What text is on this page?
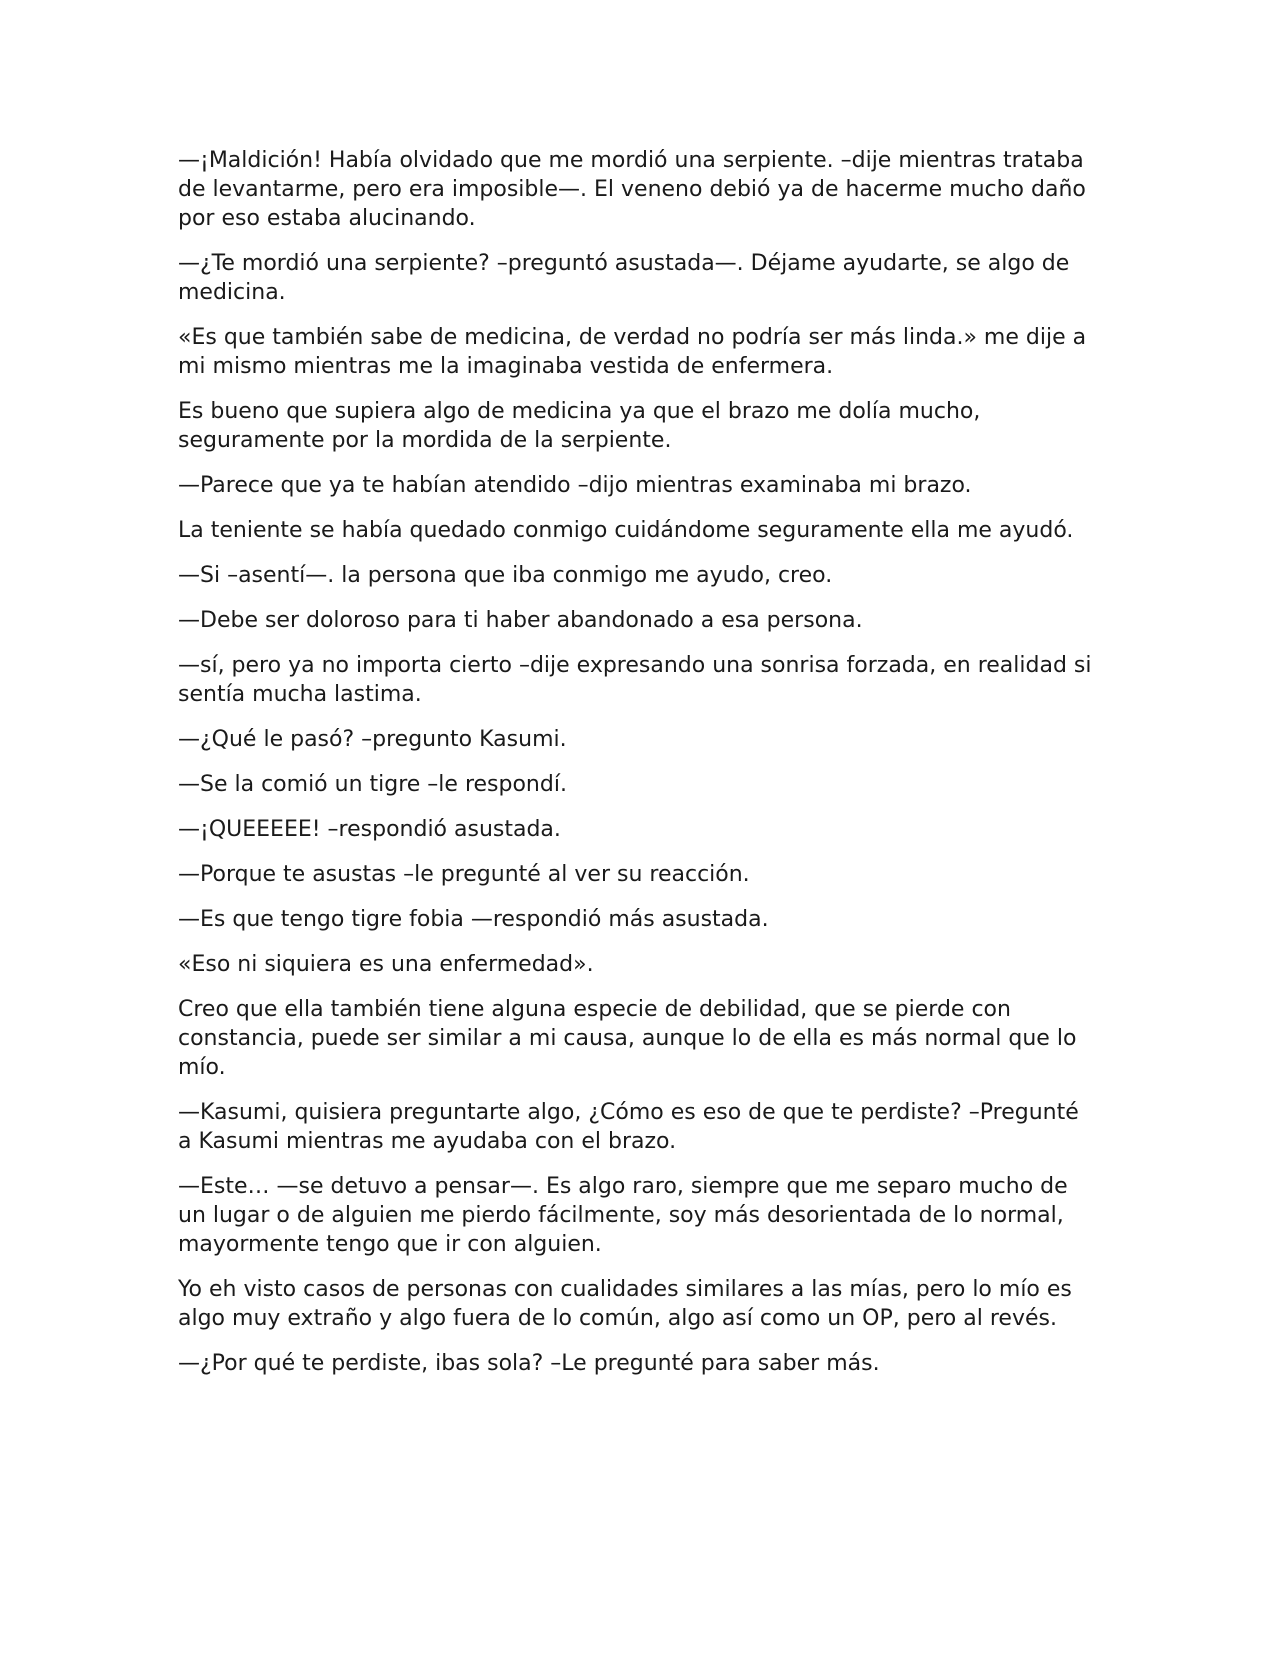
—¡Maldición! Había olvidado que me mordió una serpiente. –dije mientras trataba de levantarme, pero era imposible—. El veneno debió ya de hacerme mucho daño por eso estaba alucinando.

—¿Te mordió una serpiente? –preguntó asustada—. Déjame ayudarte, se algo de medicina.

«Es que también sabe de medicina, de verdad no podría ser más linda.» me dije a mi mismo mientras me la imaginaba vestida de enfermera.

Es bueno que supiera algo de medicina ya que el brazo me dolía mucho, seguramente por la mordida de la serpiente.

—Parece que ya te habían atendido –dijo mientras examinaba mi brazo.

La teniente se había quedado conmigo cuidándome seguramente ella me ayudó.

—Si –asentí—. la persona que iba conmigo me ayudo, creo.

—Debe ser doloroso para ti haber abandonado a esa persona.

—sí, pero ya no importa cierto –dije expresando una sonrisa forzada, en realidad si sentía mucha lastima.

—¿Qué le pasó? –pregunto Kasumi.

—Se la comió un tigre –le respondí.

—¡QUEEEEE! –respondió asustada.

—Porque te asustas –le pregunté al ver su reacción.

—Es que tengo tigre fobia —respondió más asustada.

«Eso ni siquiera es una enfermedad».

Creo que ella también tiene alguna especie de debilidad, que se pierde con constancia, puede ser similar a mi causa, aunque lo de ella es más normal que lo mío.

—Kasumi, quisiera preguntarte algo, ¿Cómo es eso de que te perdiste? –Pregunté a Kasumi mientras me ayudaba con el brazo.

—Este… —se detuvo a pensar—. Es algo raro, siempre que me separo mucho de un lugar o de alguien me pierdo fácilmente, soy más desorientada de lo normal, mayormente tengo que ir con alguien.

Yo eh visto casos de personas con cualidades similares a las mías, pero lo mío es algo muy extraño y algo fuera de lo común, algo así como un OP, pero al revés.

—¿Por qué te perdiste, ibas sola? –Le pregunté para saber más.
